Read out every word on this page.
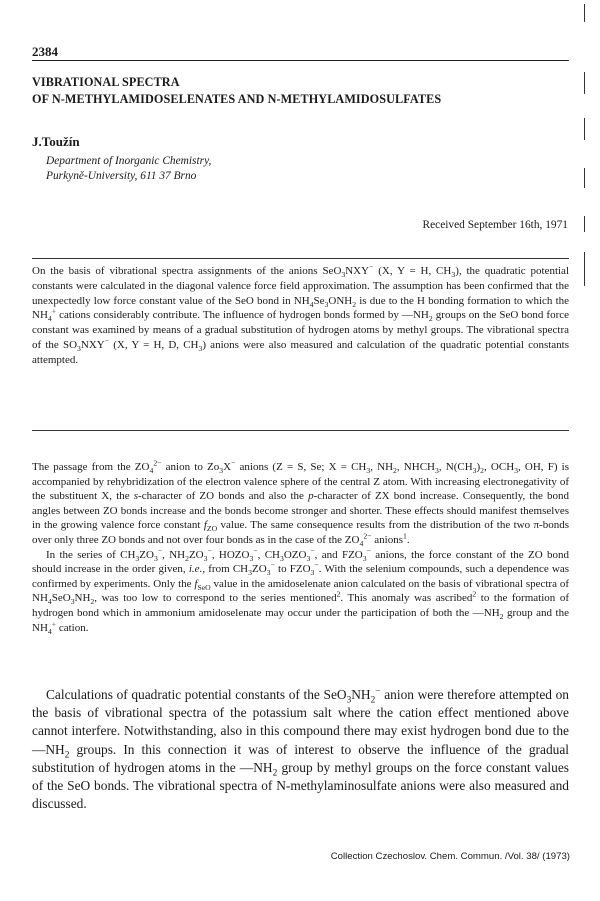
2384
VIBRATIONAL SPECTRA
OF N-METHYLAMIDOSELENATES AND N-METHYLAMIDOSULFATES
J.Toužín
Department of Inorganic Chemistry,
Purkyně-University, 611 37 Brno
Received September 16th, 1971
On the basis of vibrational spectra assignments of the anions SeO$_3$NXY− (X, Y = H, $CH_3$), the quadratic potential constants were calculated in the diagonal valence force field approximation. The assumption has been confirmed that the unexpectedly low force constant value of the SeO bond in $NH_4Se_3ONH_2$ is due to the H bonding formation to which the $NH_4^+$ cations considerably contribute. The influence of hydrogen bonds formed by $—NH_2$ groups on the SeO bond force constant was examined by means of a gradual substitution of hydrogen atoms by methyl groups. The vibrational spectra of the $SO_3NXY^-$ (X, Y = H, D, $CH_3$) anions were also measured and calculation of the quadratic potential constants attempted.

The passage from the $ZO_4^{2-}$ anion to $Zo_3X^-$ anions (Z = S, Se; $X = CH_3$, $NH_2$, $NHCH_3$, $N(CH_3)_2$, $OCH_3$, OH, F) is accompanied by rehybridization of the electron valence sphere of the central Z atom. With increasing electronegativity of the substituent X, the s-character of ZO bonds and also the p-character of ZX bond increase. Consequently, the bond angles between ZO bonds increase and the bonds become stronger and shorter. These effects should manifest themselves in the growing valence force constant $f_{ZO}$ value. The same consequence results from the distribution of the two π-bonds over only three ZO bonds and not over four bonds as in the case of the $ZO_4^{2-}$ anions$^1$.

In the series of $CH_3ZO_3^-$, $NH_2ZO_3^-$, $HOZO_3^-$, $CH_3OZO_3^-$, and $FZO_3^-$ anions, the force constant of the ZO bond should increase in the order given, i.e., from $CH_3ZO_3^-$ to $FZO_3^-$. With the selenium compounds, such a dependence was confirmed by experiments. Only the $f_{SeO}$ value in the amidoselenate anion calculated on the basis of vibrational spectra of $NH_4SeO_3NH_2$, was too low to correspond to the series mentioned$^2$. This anomaly was ascribed$^2$ to the formation of hydrogen bond which in ammonium amidoselenate may occur under the participation of both the $—NH_2$ group and the $NH_4^+$ cation.

Calculations of quadratic potential constants of the $SeO_3NH_2^-$ anion were therefore attempted on the basis of vibrational spectra of the potassium salt where the cation effect mentioned above cannot interfere. Notwithstanding, also in this compound there may exist hydrogen bond due to the $—NH_2$ groups. In this connection it was of interest to observe the influence of the gradual substitution of hydrogen atoms in the $—NH_2$ group by methyl groups on the force constant values of the SeO bonds. The vibrational spectra of N-methylaminosulfate anions were also measured and discussed.

Collection Czechoslov. Chem. Commun. /Vol. 38/ (1973)
